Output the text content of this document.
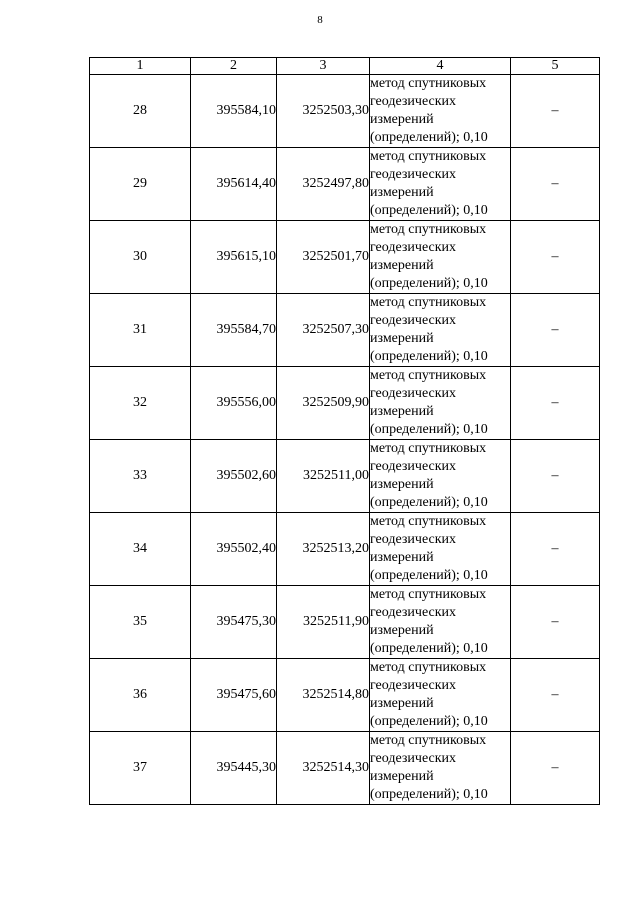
8
1	2	3	4	5
28	395584,10	3252503,30	метод спутниковых
геодезических
измерений
(определений); 0,10	–
29	395614,40	3252497,80	метод спутниковых
геодезических
измерений
(определений); 0,10	–
30	395615,10	3252501,70	метод спутниковых
геодезических
измерений
(определений); 0,10	–
31	395584,70	3252507,30	метод спутниковых
геодезических
измерений
(определений); 0,10	–
32	395556,00	3252509,90	метод спутниковых
геодезических
измерений
(определений); 0,10	–
33	395502,60	3252511,00	метод спутниковых
геодезических
измерений
(определений); 0,10	–
34	395502,40	3252513,20	метод спутниковых
геодезических
измерений
(определений); 0,10	–
35	395475,30	3252511,90	метод спутниковых
геодезических
измерений
(определений); 0,10	–
36	395475,60	3252514,80	метод спутниковых
геодезических
измерений
(определений); 0,10	–
37	395445,30	3252514,30	метод спутниковых
геодезических
измерений
(определений); 0,10	–
